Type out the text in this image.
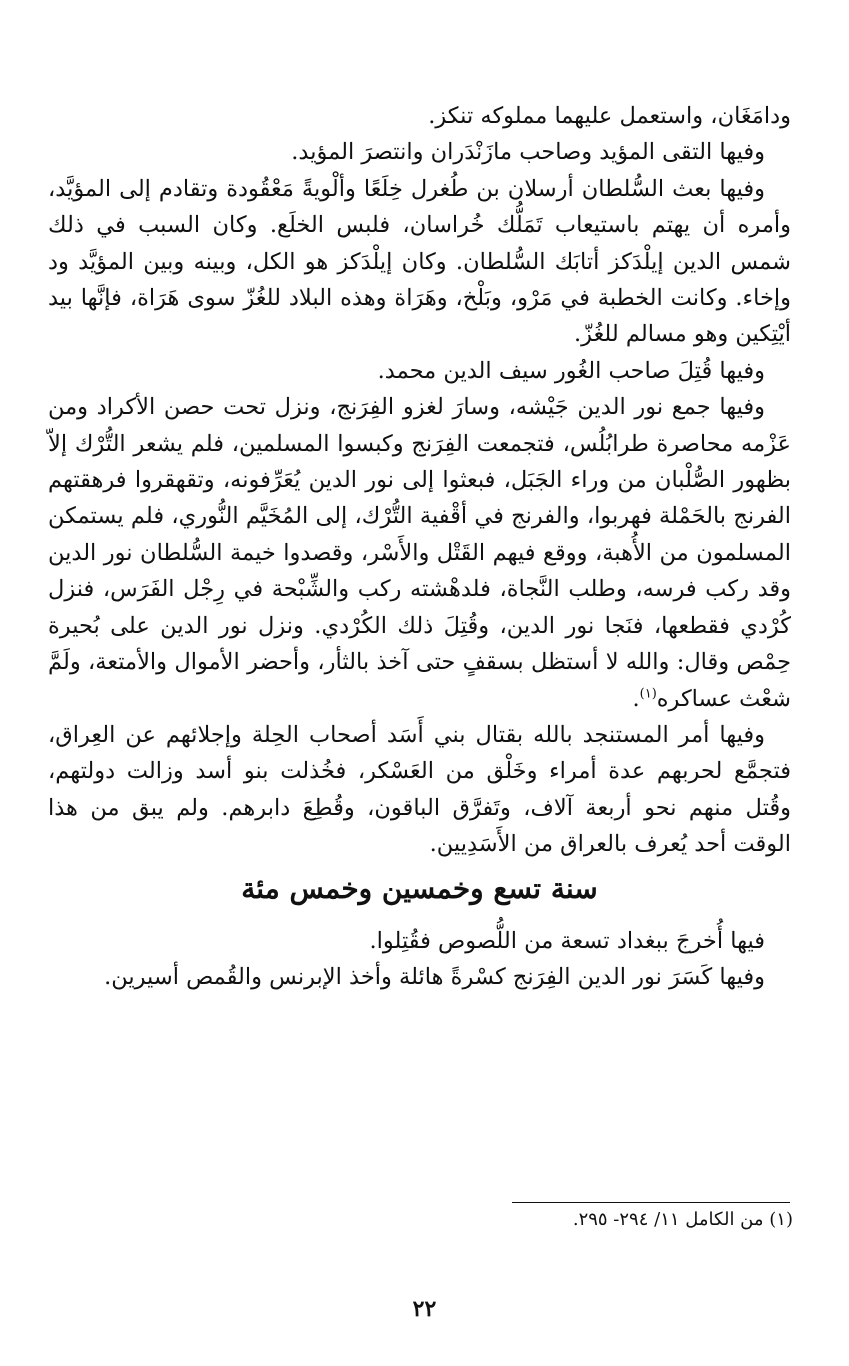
ودامَغَان، واستعمل عليهما مملوكه تنكز.

وفيها التقى المؤيد وصاحب مازَنْدَران وانتصرَ المؤيد.

وفيها بعث السُّلطان أرسلان بن طُغرل خِلَعًا وألْويةً مَعْقُودة وتقادم إلى المؤيَّد، وأمره أن يهتم باستيعاب تَمَلُّك خُراسان، فلبس الخلَع. وكان السبب في ذلك شمس الدين إيلْدَكز أتابَك السُّلطان. وكان إيلْدَكز هو الكل، وبينه وبين المؤيَّد ود وإخاء. وكانت الخطبة في مَرْو، وبَلْخ، وهَرَاة وهذه البلاد للغُزّ سوى هَرَاة، فإنَّها بيد أيْتِكين وهو مسالم للغُزّ.

وفيها قُتِلَ صاحب الغُور سيف الدين محمد.

وفيها جمع نور الدين جَيْشه، وسارَ لغزو الفِرَنج، ونزل تحت حصن الأكراد ومن عَزْمه محاصرة طرابُلُس، فتجمعت الفِرَنج وكبسوا المسلمين، فلم يشعر التُّرْك إلاّ بظهور الصُّلْبان من وراء الجَبَل، فبعثوا إلى نور الدين يُعَرِّفونه، وتقهقروا فرهقتهم الفرنج بالحَمْلة فهربوا، والفرنج في أقْفية التُّرْك، إلى المُخَيَّم النُّوري، فلم يستمكن المسلمون من الأُهبة، ووقع فيهم القَتْل والأَسْر، وقصدوا خيمة السُّلطان نور الدين وقد ركب فرسه، وطلب النَّجاة، فلدهْشته ركب والشِّبْحة في رِجْل الفَرَس، فنزل كُرْدي فقطعها، فنَجا نور الدين، وقُتِلَ ذلك الكُرْدي. ونزل نور الدين على بُحيرة حِمْص وقال: والله لا أستظل بسقفٍ حتى آخذ بالثأر، وأحضر الأموال والأمتعة، ولَمَّ شعْث عساكره$^{(١)}$.

وفيها أمر المستنجد بالله بقتال بني أَسَد أصحاب الحِلة وإجلائهم عن العِراق، فتجمَّع لحربهم عدة أمراء وخَلْق من العَسْكر، فخُذلت بنو أسد وزالت دولتهم، وقُتل منهم نحو أربعة آلاف، وتَفرَّق الباقون، وقُطِعَ دابرهم. ولم يبق من هذا الوقت أحد يُعرف بالعراق من الأَسَدِيين.

سنة تسع وخمسين وخمس مئة

فيها أُخرجَ ببغداد تسعة من اللُّصوص فقُتِلوا.

وفيها كَسَرَ نور الدين الفِرَنج كسْرةً هائلة وأخذ الإبرنس والقُمص أسيرين.

(١) من الكامل ١١/ ٢٩٤- ٢٩٥.
٢٢
